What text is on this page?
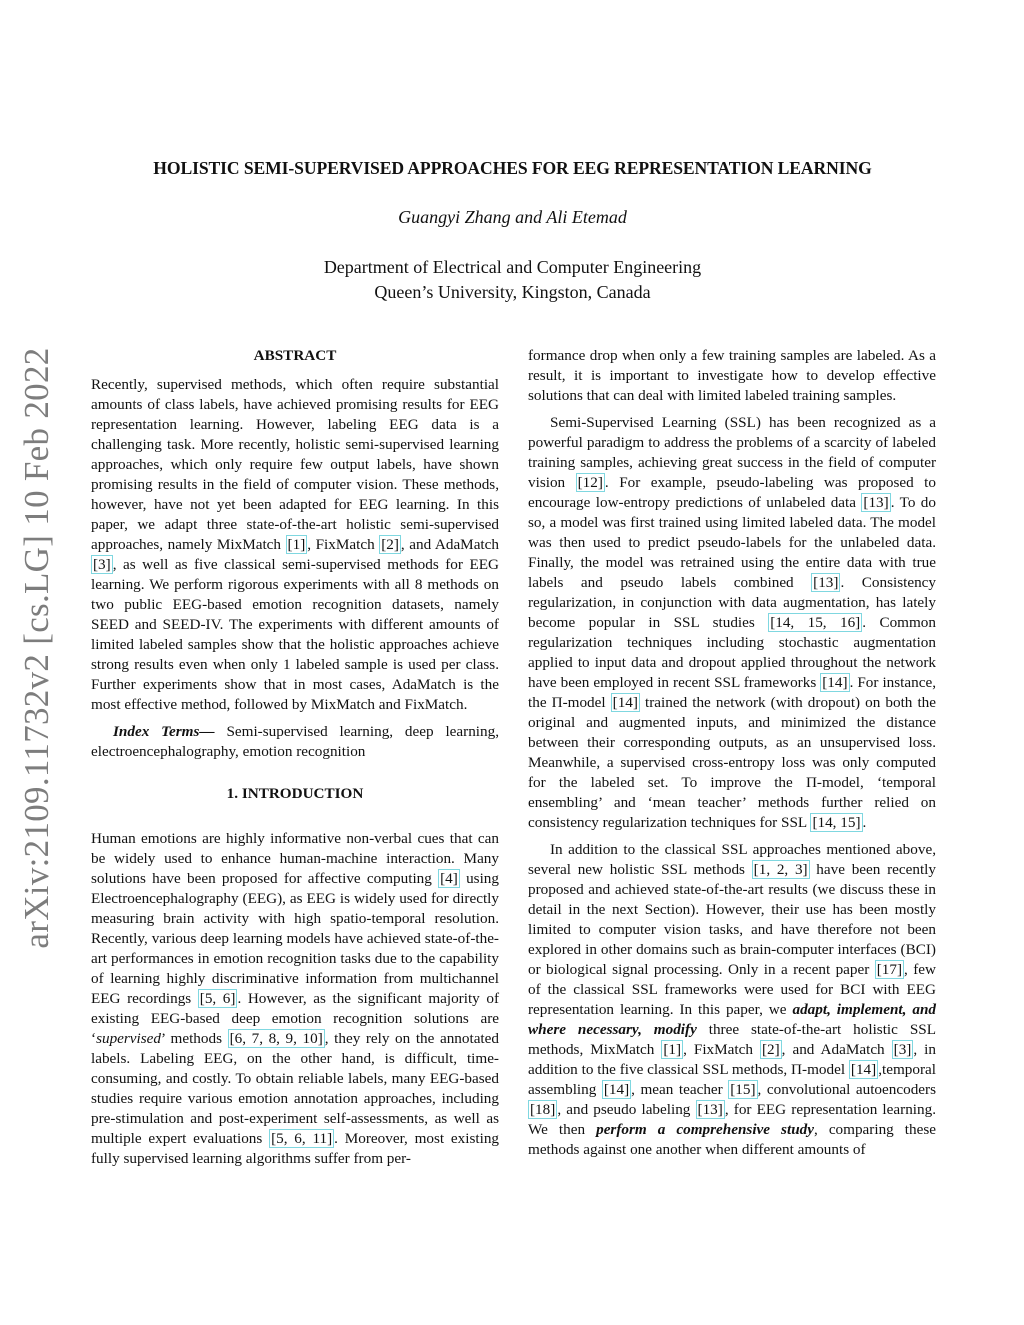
arXiv:2109.11732v2 [cs.LG] 10 Feb 2022
HOLISTIC SEMI-SUPERVISED APPROACHES FOR EEG REPRESENTATION LEARNING
Guangyi Zhang and Ali Etemad
Department of Electrical and Computer Engineering
Queen’s University, Kingston, Canada
ABSTRACT

Recently, supervised methods, which often require substantial amounts of class labels, have achieved promising results for EEG representation learning. However, labeling EEG data is a challenging task. More recently, holistic semi-supervised learning approaches, which only require few output labels, have shown promising results in the field of computer vision. These methods, however, have not yet been adapted for EEG learning. In this paper, we adapt three state-of-the-art holistic semi-supervised approaches, namely MixMatch [1] , FixMatch [2] , and AdaMatch [3] , as well as five classical semi-supervised methods for EEG learning. We perform rigorous experiments with all 8 methods on two public EEG-based emotion recognition datasets, namely SEED and SEED-IV. The experiments with different amounts of limited labeled samples show that the holistic approaches achieve strong results even when only 1 labeled sample is used per class. Further experiments show that in most cases, AdaMatch is the most effective method, followed by MixMatch and FixMatch.

Index Terms— Semi-supervised learning, deep learning, electroencephalography, emotion recognition

1. INTRODUCTION

Human emotions are highly informative non-verbal cues that can be widely used to enhance human-machine interaction. Many solutions have been proposed for affective computing [4] using Electroencephalography (EEG), as EEG is widely used for directly measuring brain activity with high spatio-temporal resolution. Recently, various deep learning models have achieved state-of-the-art performances in emotion recognition tasks due to the capability of learning highly discriminative information from multichannel EEG recordings [5, 6] . However, as the significant majority of existing EEG-based deep emotion recognition solutions are ‘supervised’ methods [6, 7, 8, 9, 10] , they rely on the annotated labels. Labeling EEG, on the other hand, is difficult, time-consuming, and costly. To obtain reliable labels, many EEG-based studies require various emotion annotation approaches, including pre-stimulation and post-experiment self-assessments, as well as multiple expert evaluations [5, 6, 11] . Moreover, most existing fully supervised learning algorithms suffer from per-

formance drop when only a few training samples are labeled. As a result, it is important to investigate how to develop effective solutions that can deal with limited labeled training samples.

Semi-Supervised Learning (SSL) has been recognized as a powerful paradigm to address the problems of a scarcity of labeled training samples, achieving great success in the field of computer vision [12] . For example, pseudo-labeling was proposed to encourage low-entropy predictions of unlabeled data [13] . To do so, a model was first trained using limited labeled data. The model was then used to predict pseudo-labels for the unlabeled data. Finally, the model was retrained using the entire data with true labels and pseudo labels combined [13] . Consistency regularization, in conjunction with data augmentation, has lately become popular in SSL studies [14, 15, 16] . Common regularization techniques including stochastic augmentation applied to input data and dropout applied throughout the network have been employed in recent SSL frameworks [14] . For instance, the Π-model [14] trained the network (with dropout) on both the original and augmented inputs, and minimized the distance between their corresponding outputs, as an unsupervised loss. Meanwhile, a supervised cross-entropy loss was only computed for the labeled set. To improve the Π-model, ‘temporal ensembling’ and ‘mean teacher’ methods further relied on consistency regularization techniques for SSL [14, 15] .

In addition to the classical SSL approaches mentioned above, several new holistic SSL methods [1, 2, 3] have been recently proposed and achieved state-of-the-art results (we discuss these in detail in the next Section). However, their use has been mostly limited to computer vision tasks, and have therefore not been explored in other domains such as brain-computer interfaces (BCI) or biological signal processing. Only in a recent paper [17] , few of the classical SSL frameworks were used for BCI with EEG representation learning. In this paper, we adapt, implement, and where necessary, modify three state-of-the-art holistic SSL methods, MixMatch [1] , FixMatch [2] , and AdaMatch [3] , in addition to the five classical SSL methods, Π-model [14] ,temporal assembling [14] , mean teacher [15] , convolutional autoencoders [18] , and pseudo labeling [13] , for EEG representation learning. We then perform a comprehensive study, comparing these methods against one another when different amounts of
